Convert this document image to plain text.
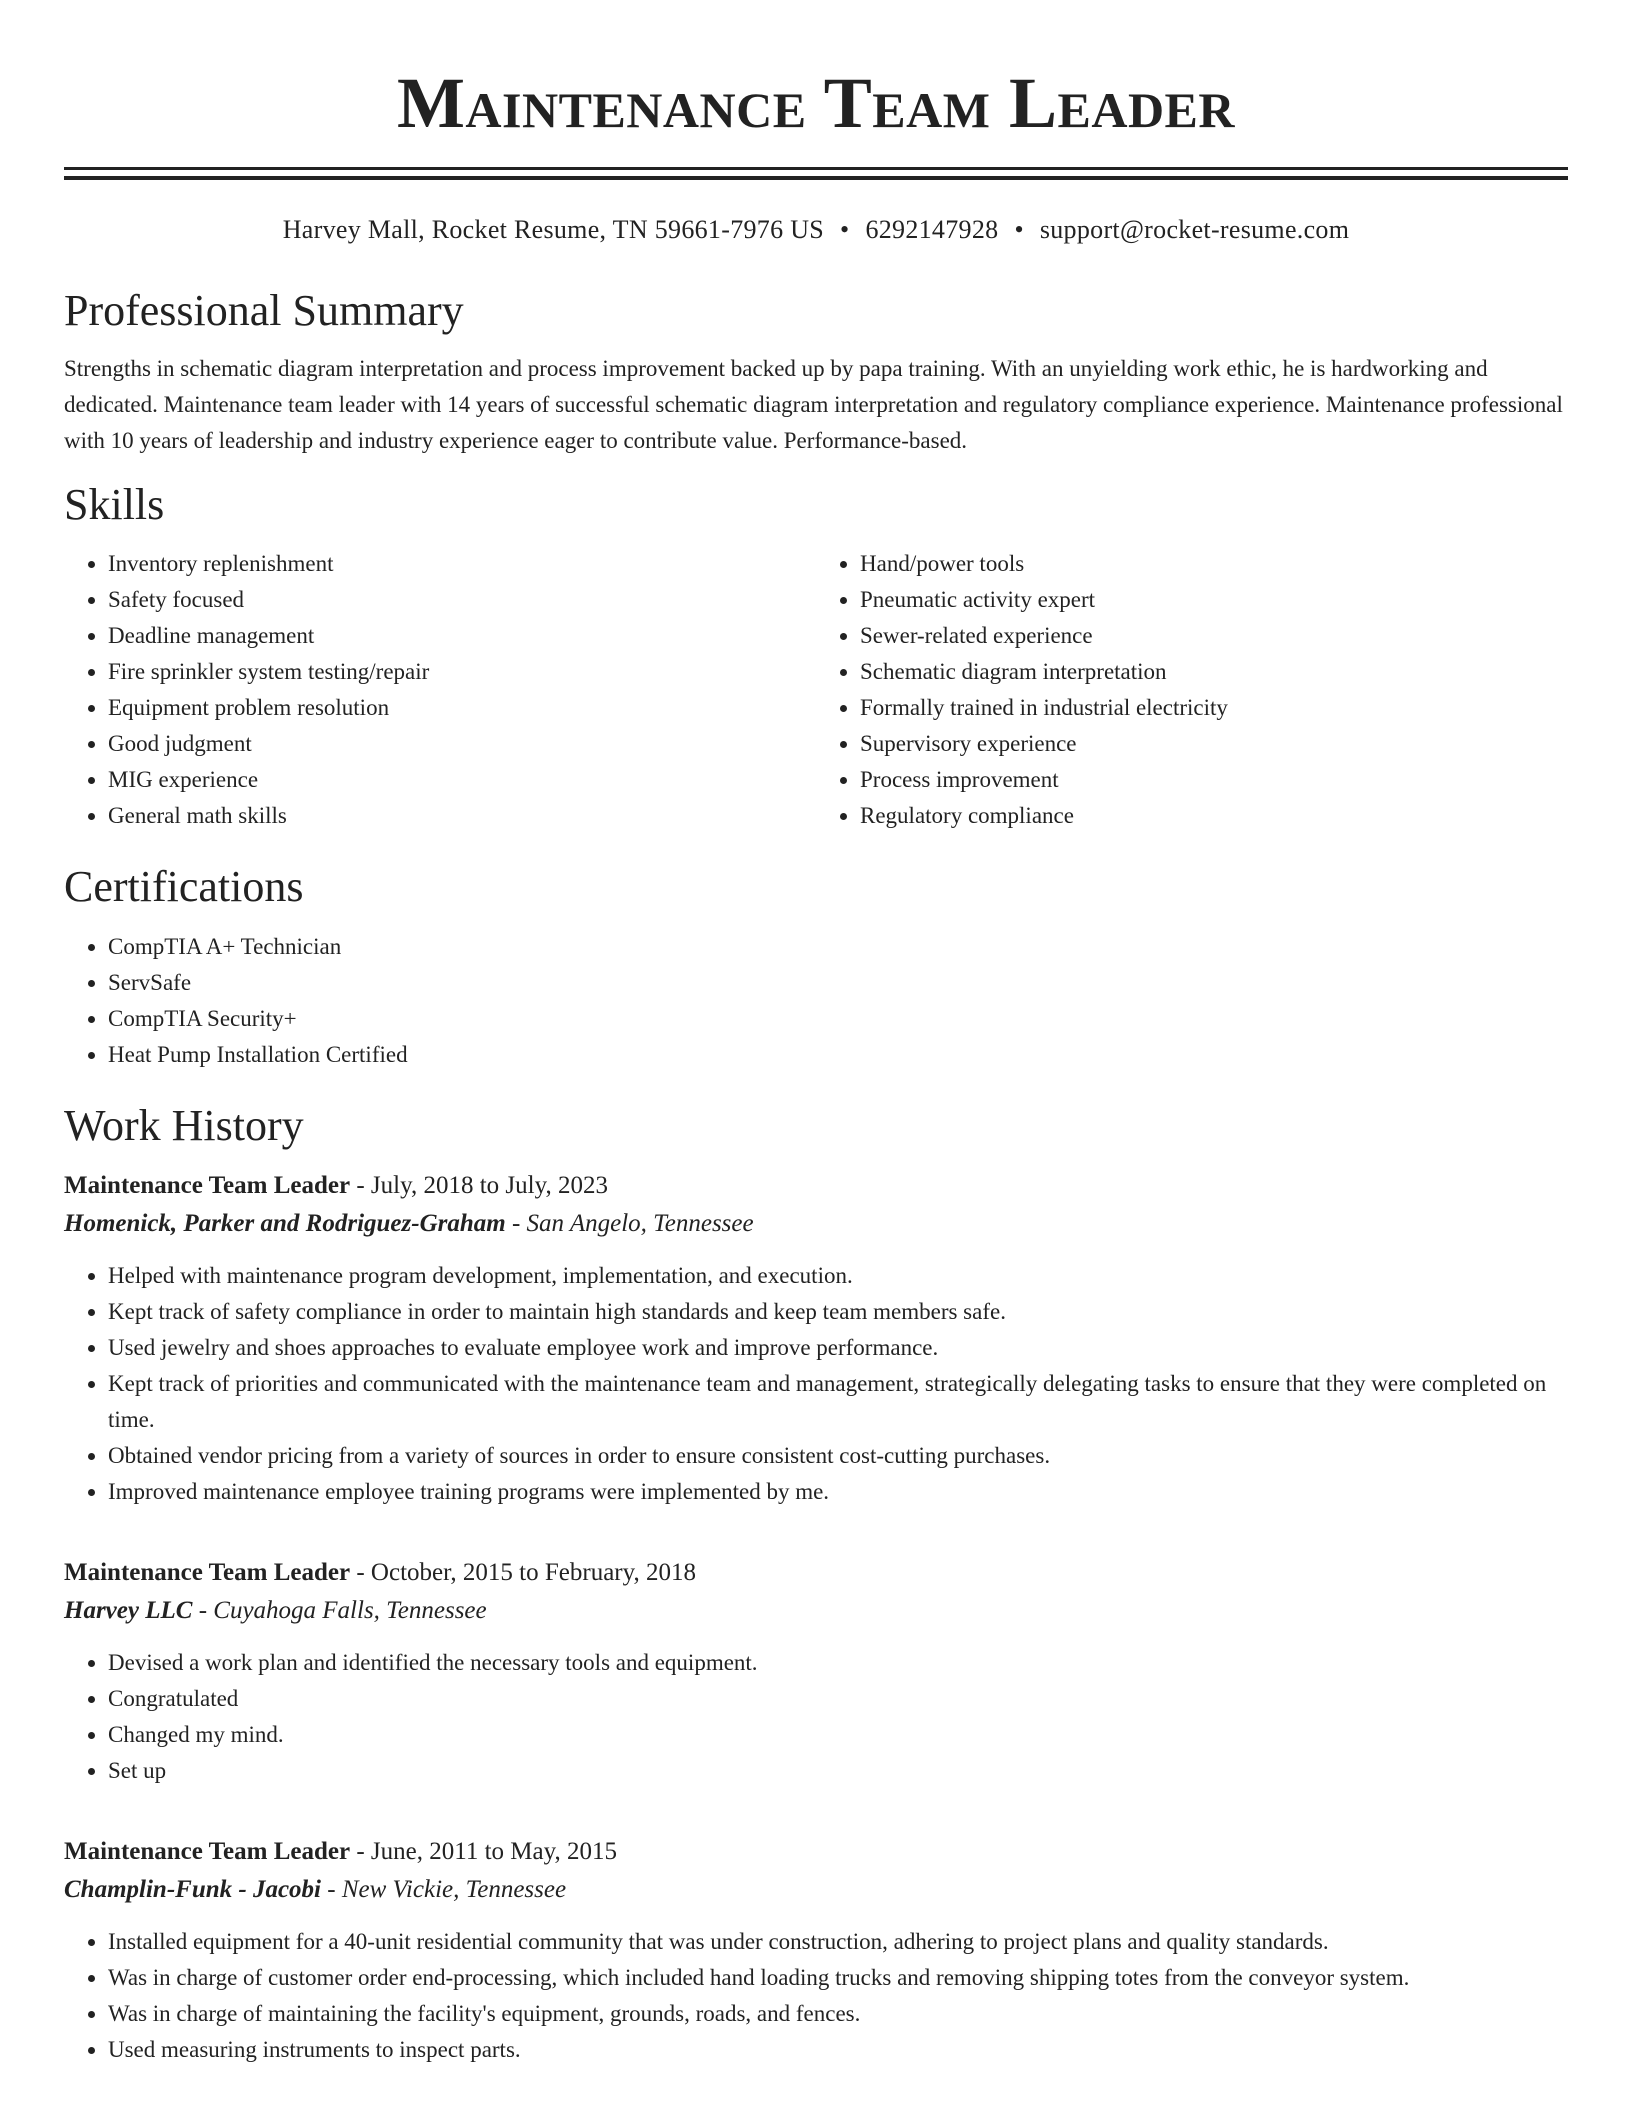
Maintenance Team Leader
Harvey Mall, Rocket Resume, TN 59661-7976 US • 6292147928 • support@rocket-resume.com
Professional Summary

Strengths in schematic diagram interpretation and process improvement backed up by papa training. With an unyielding work ethic, he is hardworking and dedicated. Maintenance team leader with 14 years of successful schematic diagram interpretation and regulatory compliance experience. Maintenance professional with 10 years of leadership and industry experience eager to contribute value. Performance-based.

Skills
• Inventory replenishment
• Safety focused
• Deadline management
• Fire sprinkler system testing/repair
• Equipment problem resolution
• Good judgment
• MIG experience
• General math skills
• Hand/power tools
• Pneumatic activity expert
• Sewer-related experience
• Schematic diagram interpretation
• Formally trained in industrial electricity
• Supervisory experience
• Process improvement
• Regulatory compliance
Certifications
• CompTIA A+ Technician
• ServSafe
• CompTIA Security+
• Heat Pump Installation Certified
Work History
Maintenance Team Leader - July, 2018 to July, 2023
Homenick, Parker and Rodriguez-Graham - San Angelo, Tennessee
• Helped with maintenance program development, implementation, and execution.
• Kept track of safety compliance in order to maintain high standards and keep team members safe.
• Used jewelry and shoes approaches to evaluate employee work and improve performance.
• Kept track of priorities and communicated with the maintenance team and management, strategically delegating tasks to ensure that they were completed on time.
• Obtained vendor pricing from a variety of sources in order to ensure consistent cost-cutting purchases.
• Improved maintenance employee training programs were implemented by me.
Maintenance Team Leader - October, 2015 to February, 2018
Harvey LLC - Cuyahoga Falls, Tennessee
• Devised a work plan and identified the necessary tools and equipment.
• Congratulated
• Changed my mind.
• Set up
Maintenance Team Leader - June, 2011 to May, 2015
Champlin-Funk - Jacobi - New Vickie, Tennessee
• Installed equipment for a 40-unit residential community that was under construction, adhering to project plans and quality standards.
• Was in charge of customer order end-processing, which included hand loading trucks and removing shipping totes from the conveyor system.
• Was in charge of maintaining the facility's equipment, grounds, roads, and fences.
• Used measuring instruments to inspect parts.
